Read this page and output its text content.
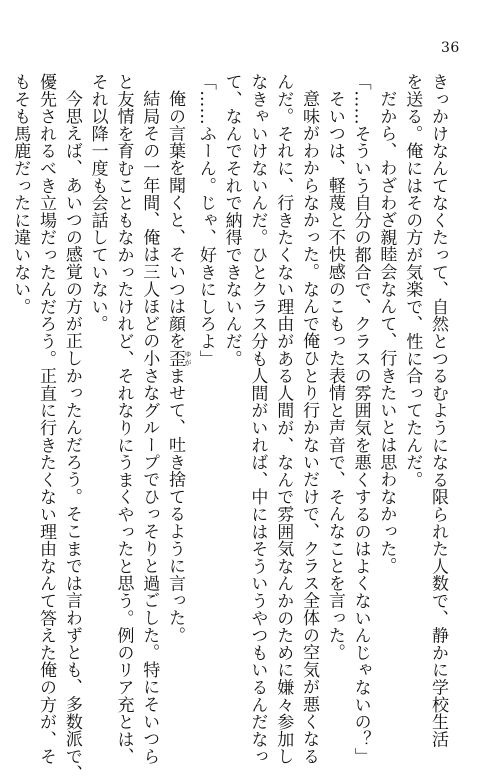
36
きっかけなんてなくたって、自然とつるむようになる限られた人数で、静かに学校生活
を送る。俺にはその方が気楽で、性に合ってたんだ。
だから、わざわざ親睦会なんて、行きたいとは思わなかった。
「……そういう自分の都合で、クラスの雰囲気を悪くするのはよくないんじゃないの？」
そいつは、軽蔑と不快感のこもった表情と声音で、そんなことを言った。
意味がわからなかった。なんで俺ひとり行かないだけで、クラス全体の空気が悪くなる
んだ。それに、行きたくない理由がある人間が、なんで雰囲気なんかのために嫌々参加し
なきゃいけないんだ。ひとクラス分も人間がいれば、中にはそういうやつもいるんだなっ
て、なんでそれで納得できないんだ。
「……ふーん。じゃ、好きにしろよ」
俺の言葉を聞くと、そいつは顔を歪 ゆがませて、吐き捨てるように言った。
結局その一年間、俺は三人ほどの小さなグループでひっそりと過ごした。特にそいつら
と友情を育むこともなかったけれど、それなりにうまくやったと思う。例のリア充とは、
それ以降一度も会話していない。
今思えば、あいつの感覚の方が正しかったんだろう。そこまでは言わずとも、多数派で、
優先されるべき立場だったんだろう。正直に行きたくない理由なんて答えた俺の方が、そ
もそも馬鹿だったに違いない。
